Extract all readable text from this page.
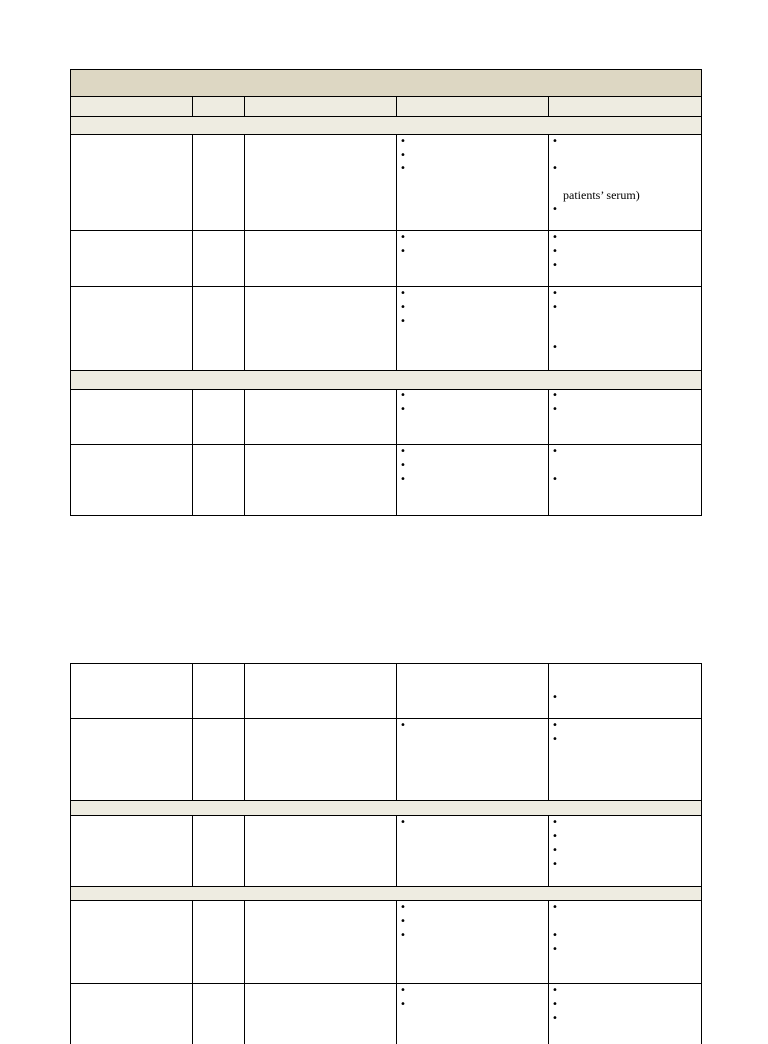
•
•
•
•
•
patients’ serum)
•
•
•
•
•
•
•
•
•
•
•
•
•
•
•
•
•
•
•
•
•
•
•	•
•
•	•
•
•
•
•
•
•
•
•
•
•
•
•
•
•
